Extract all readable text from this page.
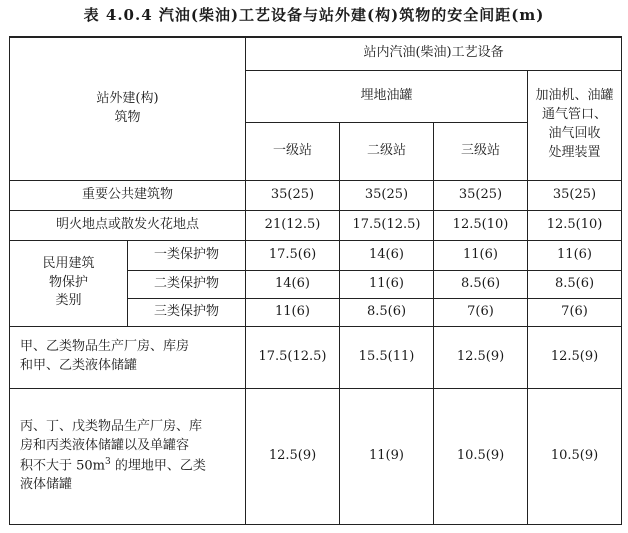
表 4.0.4 汽油(柴油)工艺设备与站外建(构)筑物的安全间距(m)
站外建(构)
筑物		站内汽油(柴油)工艺设备			
		埋地油罐			加油机、油罐
通气管口、
油气回收
处理装置

		一级站	二级站	三级站	
重要公共建筑物		35(25)	35(25)	35(25)	35(25)
明火地点或散发火花地点		21(12.5)	17.5(12.5)	12.5(10)	12.5(10)

民用建筑
物保护
类别	一类保护物	17.5(6)	14(6)	11(6)	11(6)
	二类保护物	14(6)	11(6)	8.5(6)	8.5(6)
	三类保护物	11(6)	8.5(6)	7(6)	7(6)

甲、乙类物品生产厂房、库房
和甲、乙类液体储罐		17.5(12.5)	15.5(11)	12.5(9)	12.5(9)

丙、丁、戊类物品生产厂房、库
房和丙类液体储罐以及单罐容
积不大于 $50m^3$ 的埋地甲、乙类
液体储罐		12.5(9)	11(9)	10.5(9)	10.5(9)
